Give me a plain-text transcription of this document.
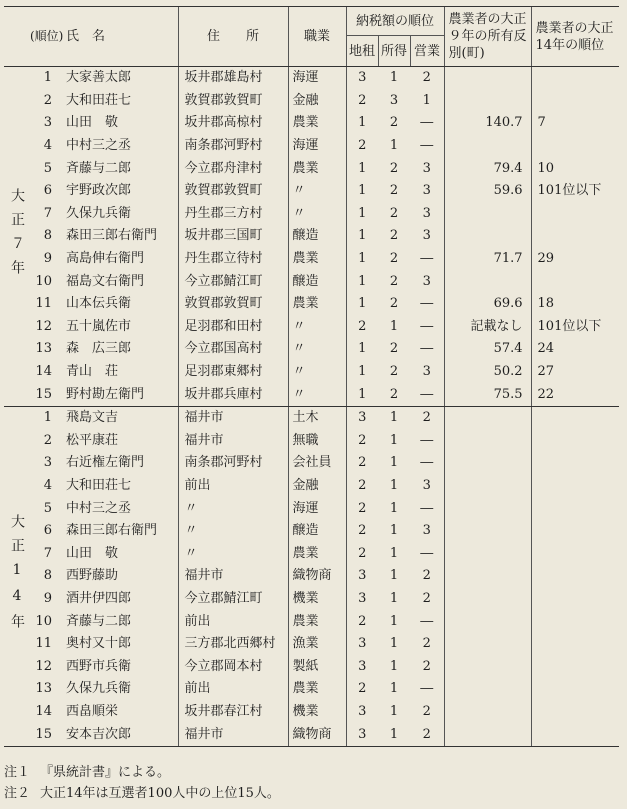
	(順位)	氏　名	住　　所	職業	納税額の順位			農業者の大正９年の所有反別(町)	農業者の大正14年の順位
					地租	所得	営業		
大正７年	1	大家善太郎	坂井郡雄島村	海運	3	1	2		
	2	大和田荘七	敦賀郡敦賀町	金融	2	3	1		
	3	山田　敬	坂井郡高椋村	農業	1	2	―	140.7	7
	4	中村三之丞	南条郡河野村	海運	2	1	―		
	5	斉藤与二郎	今立郡舟津村	農業	1	2	3	79.4	10
	6	宇野政次郎	敦賀郡敦賀町	〃	1	2	3	59.6	101位以下
	7	久保九兵衛	丹生郡三方村	〃	1	2	3		
	8	森田三郎右衛門	坂井郡三国町	醸造	1	2	3		
	9	高島伸右衛門	丹生郡立待村	農業	1	2	―	71.7	29
	10	福島文右衛門	今立郡鯖江町	醸造	1	2	3		
	11	山本伝兵衛	敦賀郡敦賀町	農業	1	2	―	69.6	18
	12	五十嵐佐市	足羽郡和田村	〃	2	1	―	記載なし	101位以下
	13	森　広三郎	今立郡国高村	〃	1	2	―	57.4	24
	14	青山　荘	足羽郡東郷村	〃	1	2	3	50.2	27
	15	野村勘左衛門	坂井郡兵庫村	〃	1	2	―	75.5	22
大正14年	1	飛島文吉	福井市	土木	3	1	2		
	2	松平康荘	福井市	無職	2	1	―		
	3	右近権左衛門	南条郡河野村	会社員	2	1	―		
	4	大和田荘七	前出	金融	2	1	3		
	5	中村三之丞	〃	海運	2	1	―		
	6	森田三郎右衛門	〃	醸造	2	1	3		
	7	山田　敬	〃	農業	2	1	―		
	8	西野藤助	福井市	織物商	3	1	2		
	9	酒井伊四郎	今立郡鯖江町	機業	3	1	2		
	10	斉藤与二郎	前出	農業	2	1	―		
	11	奥村又十郎	三方郡北西郷村	漁業	3	1	2		
	12	西野市兵衛	今立郡岡本村	製紙	3	1	2		
	13	久保九兵衛	前出	農業	2	1	―		
	14	西畠順栄	坂井郡春江村	機業	3	1	2		
	15	安本吉次郎	福井市	織物商	3	1	2		
注１ 『県統計書』による。
注２ 大正14年は互選者100人中の上位15人。
